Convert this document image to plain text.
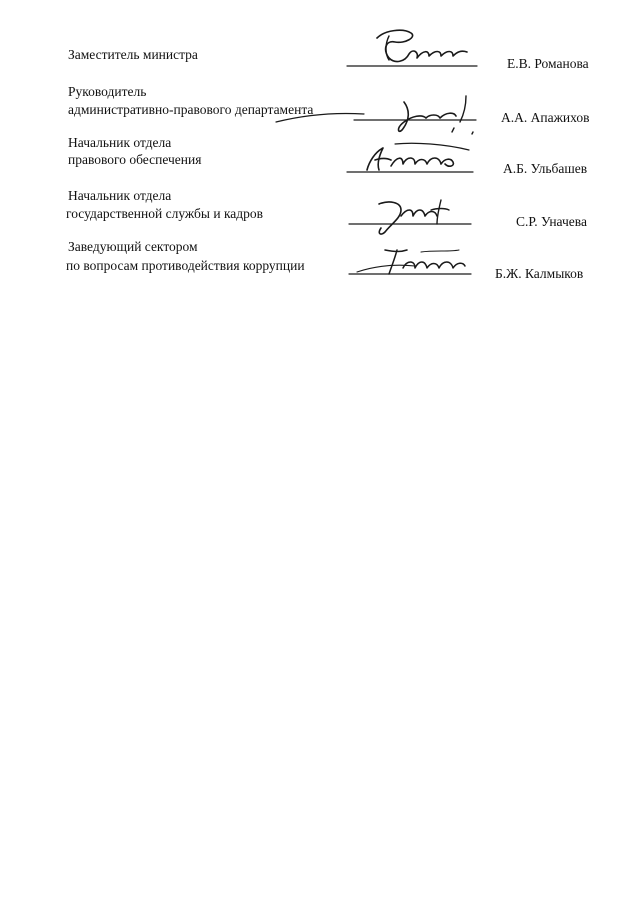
Заместитель министра
Е.В. Романова
Руководитель
административно-правового департамента
А.А. Апажихов
Начальник отдела
правового обеспечения
А.Б. Ульбашев
Начальник отдела
государственной службы и кадров
С.Р. Уначева
Заведующий сектором
по вопросам противодействия коррупции
Б.Ж. Калмыков
